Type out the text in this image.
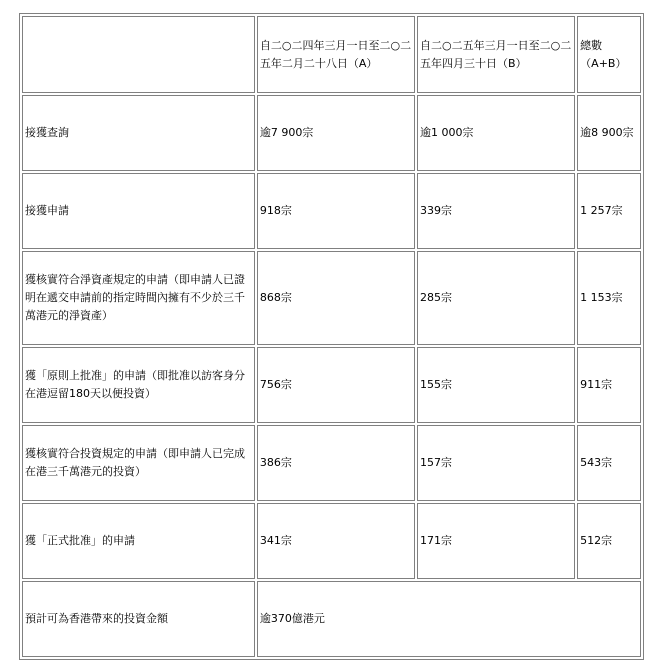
	自二○二四年三月一日至二○二五年二月二十八日（A）	自二○二五年三月一日至二○二五年四月三十日（B）	總數（A+B）
接獲查詢	逾7 900宗	逾1 000宗	逾8 900宗
接獲申請	918宗	339宗	1 257宗
獲核實符合淨資產規定的申請（即申請人已證明在遞交申請前的指定時間內擁有不少於三千萬港元的淨資產）	868宗	285宗	1 153宗
獲「原則上批准」的申請（即批准以訪客身分在港逗留180天以便投資）	756宗	155宗	911宗
獲核實符合投資規定的申請（即申請人已完成在港三千萬港元的投資）	386宗	157宗	543宗
獲「正式批准」的申請	341宗	171宗	512宗
預計可為香港帶來的投資金額	逾370億港元		
